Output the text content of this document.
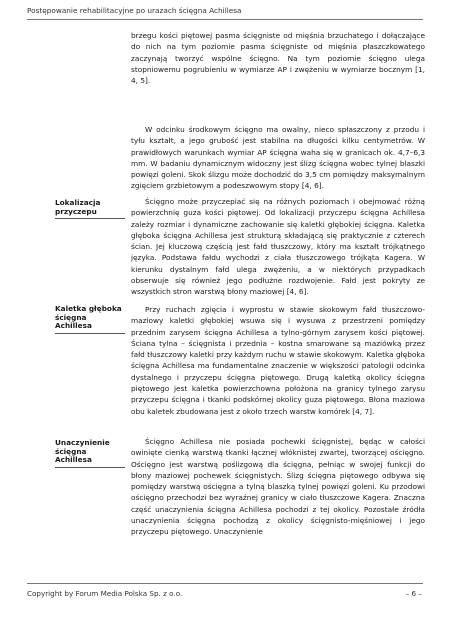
Postępowanie rehabilitacyjne po urazach ścięgna Achillesa

brzegu kości piętowej pasma ścięgniste od mięśnia brzuchatego i dołączające do nich na tym poziomie pasma ścięgniste od mięśnia płaszczkowatego zaczynają tworzyć wspólne ścięgno. Na tym poziomie ścięgno ulega stopniowemu pogrubieniu w wymiarze AP i zwężeniu w wymiarze bocznym [1, 4, 5].

W odcinku środkowym ścięgno ma owalny, nieco spłaszczony z przodu i tyłu kształt, a jego grubość jest stabilna na długości kilku centymetrów. W prawidłowych warunkach wymiar AP ścięgna waha się w granicach ok. 4,7–6,3 mm. W badaniu dynamicznym widoczny jest ślizg ścięgna wobec tylnej blaszki powięzi goleni. Skok ślizgu może dochodzić do 3,5 cm pomiędzy maksymalnym zgięciem grzbietowym a podeszwowym stopy [4, 6].

Lokalizacja przyczepu

Ścięgno może przyczepiać się na różnych poziomach i obejmować różną powierzchnię guza kości piętowej. Od lokalizacji przyczepu ścięgna Achillesa zależy rozmiar i dynamiczne zachowanie się kaletki głębokiej ścięgna. Kaletka głęboka ścięgna Achillesa jest strukturą składającą się praktycznie z czterech ścian. Jej kluczową częścią jest fałd tłuszczowy, który ma kształt trójkątnego języka. Podstawa fałdu wychodzi z ciała tłuszczowego trójkąta Kagera. W kierunku dystalnym fałd ulega zwężeniu, a w niektórych przypadkach obserwuje się również jego podłużne rozdwojenie. Fałd jest pokryty ze wszystkich stron warstwą błony maziowej [4, 6].

Kaletka głęboka ścięgna Achillesa

Przy ruchach zgięcia i wyprostu w stawie skokowym fałd tłuszczowo-maziowy kaletki głębokiej wsuwa się i wysuwa z przestrzeni pomiędzy przednim zarysem ścięgna Achillesa a tylno-górnym zarysem kości piętowej. Ściana tylna – ścięgnista i przednia – kostna smarowane są maziówką przez fałd tłuszczowy kaletki przy każdym ruchu w stawie skokowym. Kaletka głęboka ścięgna Achillesa ma fundamentalne znaczenie w większości patologii odcinka dystalnego i przyczepu ścięgna piętowego. Drugą kaletką okolicy ścięgna piętowego jest kaletka powierzchowna położona na granicy tylnego zarysu przyczepu ścięgna i tkanki podskórnej okolicy guza piętowego. Błona maziowa obu kaletek zbudowana jest z około trzech warstw komórek [4, 7].

Unaczynienie ścięgna Achillesa

Ścięgno Achillesa nie posiada pochewki ścięgnistej, będąc w całości owinięte cienką warstwą tkanki łącznej włóknistej zwartej, tworzącej ościęgno. Ościęgno jest warstwą poślizgową dla ścięgna, pełniąc w swojej funkcji do błony maziowej pochewek ścięgnistych. Ślizg ścięgna piętowego odbywa się pomiędzy warstwą ościęgna a tylną blaszką tylnej powięzi goleni. Ku przodowi ościęgno przechodzi bez wyraźnej granicy w ciało tłuszczowe Kagera. Znaczna część unaczynienia ścięgna Achillesa pochodzi z tej okolicy. Pozostałe źródła unaczynienia ścięgna pochodzą z okolicy ścięgnisto-mięśniowej i jego przyczepu piętowego. Unaczynienie

Copyright by Forum Media Polska Sp. z o.o.	– 6 –
